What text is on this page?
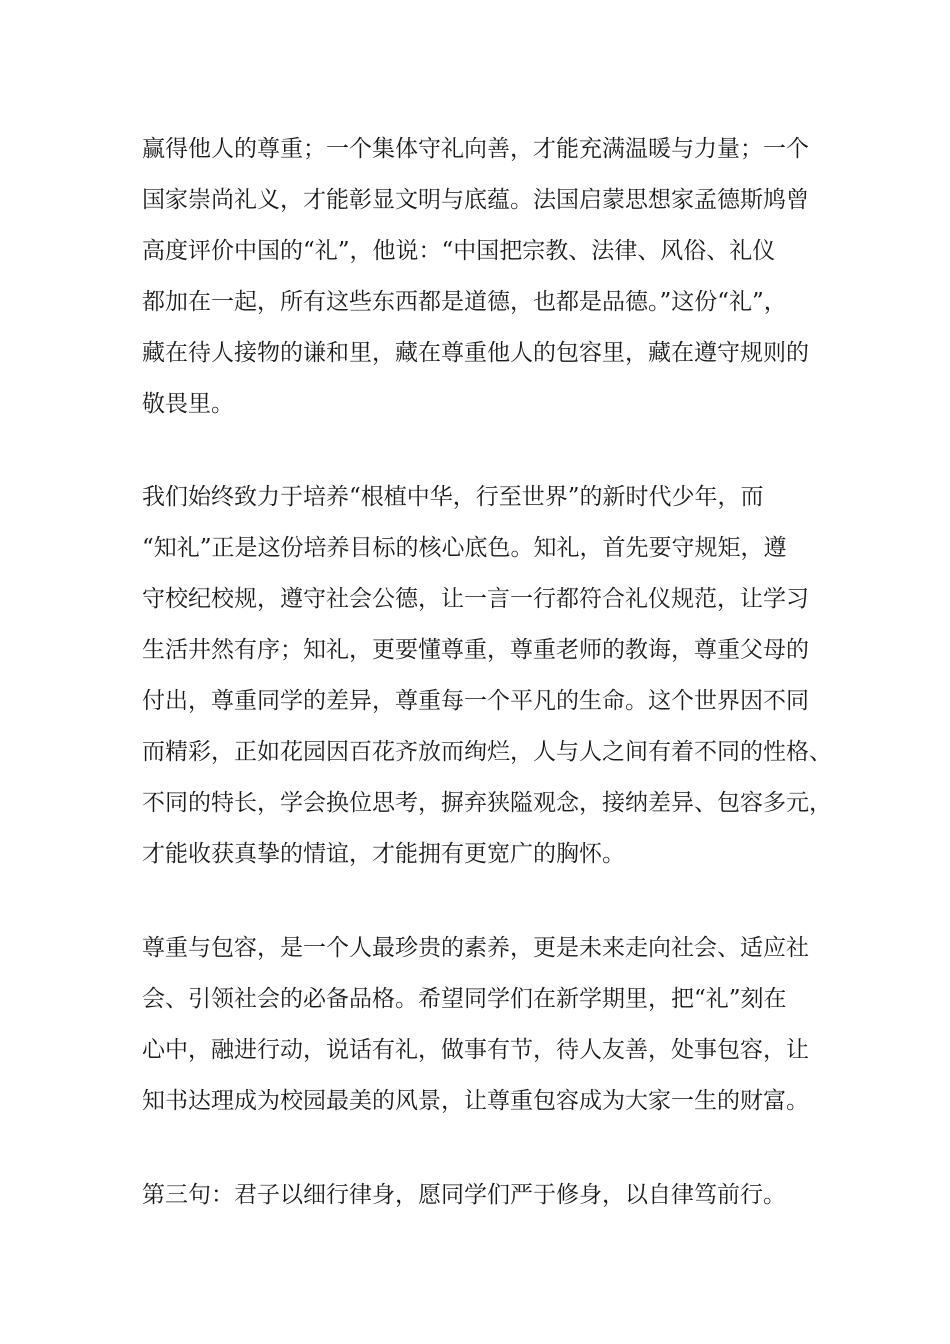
赢得他人的尊重；一个集体守礼向善，才能充满温暖与力量；一个
国家崇尚礼义，才能彰显文明与底蕴。法国启蒙思想家孟德斯鸠曾
高度评价中国的“礼”，他说：“中国把宗教、法律、风俗、礼仪
都加在一起，所有这些东西都是道德，也都是品德。”这份“礼”，
藏在待人接物的谦和里，藏在尊重他人的包容里，藏在遵守规则的
敬畏里。
我们始终致力于培养“根植中华，行至世界”的新时代少年，而
“知礼”正是这份培养目标的核心底色。知礼，首先要守规矩，遵
守校纪校规，遵守社会公德，让一言一行都符合礼仪规范，让学习
生活井然有序；知礼，更要懂尊重，尊重老师的教诲，尊重父母的
付出，尊重同学的差异，尊重每一个平凡的生命。这个世界因不同
而精彩，正如花园因百花齐放而绚烂，人与人之间有着不同的性格、
不同的特长，学会换位思考，摒弃狭隘观念，接纳差异、包容多元，
才能收获真挚的情谊，才能拥有更宽广的胸怀。
尊重与包容，是一个人最珍贵的素养，更是未来走向社会、适应社
会、引领社会的必备品格。希望同学们在新学期里，把“礼”刻在
心中，融进行动，说话有礼，做事有节，待人友善，处事包容，让
知书达理成为校园最美的风景，让尊重包容成为大家一生的财富。
第三句：君子以细行律身，愿同学们严于修身，以自律笃前行。
